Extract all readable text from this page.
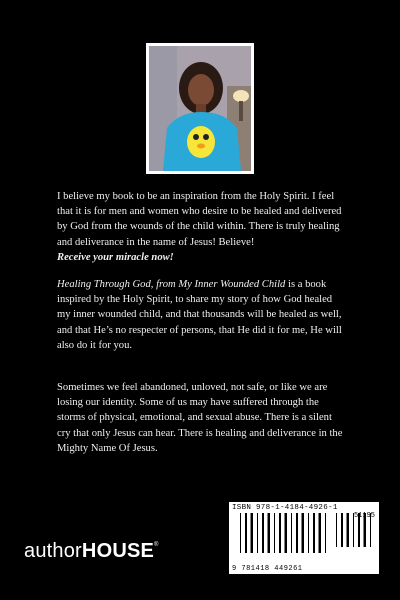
I believe my book to be an inspiration from the Holy Spirit. I feel that it is for men and women who desire to be healed and delivered by God from the wounds of the child within. There is truly healing and deliverance in the name of Jesus! Believe!

Receive your miracle now!

Healing Through God, from My Inner Wounded Child is a book inspired by the Holy Spirit, to share my story of how God healed my inner wounded child, and that thousands will be healed as well, and that He’s no respecter of persons, that He did it for me, He will also do it for you.

Sometimes we feel abandoned, unloved, not safe, or like we are losing our identity. Some of us may have suffered through the storms of physical, emotional, and sexual abuse. There is a silent cry that only Jesus can hear. There is healing and deliverance in the Mighty Name Of Jesus.

authorHOUSE®
ISBN 978-1-4184-4926-1
51195
9 781418 449261
